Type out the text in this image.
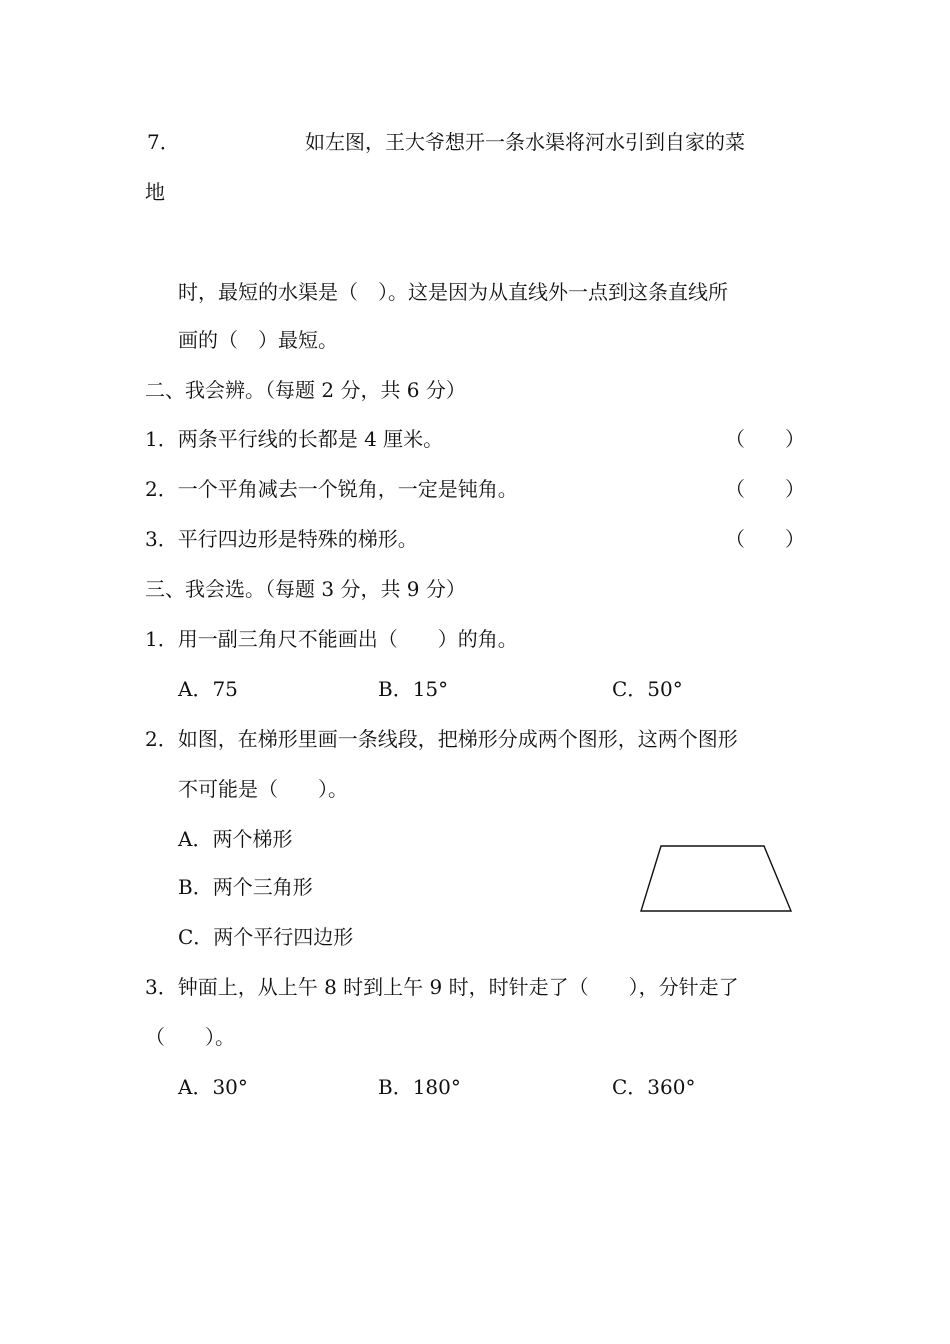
7．	如左图，王大爷想开一条水渠将河水引到自家的菜
地
时，最短的水渠是（　）。这是因为从直线外一点到这条直线所
画的（　）最短。
二、我会辨。（每题 2 分，共 6 分）
1．两条平行线的长都是 4 厘米。	（　　）
2．一个平角减去一个锐角，一定是钝角。	（　　）
3．平行四边形是特殊的梯形。	（　　）
三、我会选。（每题 3 分，共 9 分）
1．用一副三角尺不能画出（　　）的角。
A．75	B．15°	C．50°
2．如图，在梯形里画一条线段，把梯形分成两个图形，这两个图形
不可能是（　　）。
A．两个梯形
B．两个三角形
C．两个平行四边形
3．钟面上，从上午 8 时到上午 9 时，时针走了（　　），分针走了
（　　）。
A．30°	B．180°	C．360°
